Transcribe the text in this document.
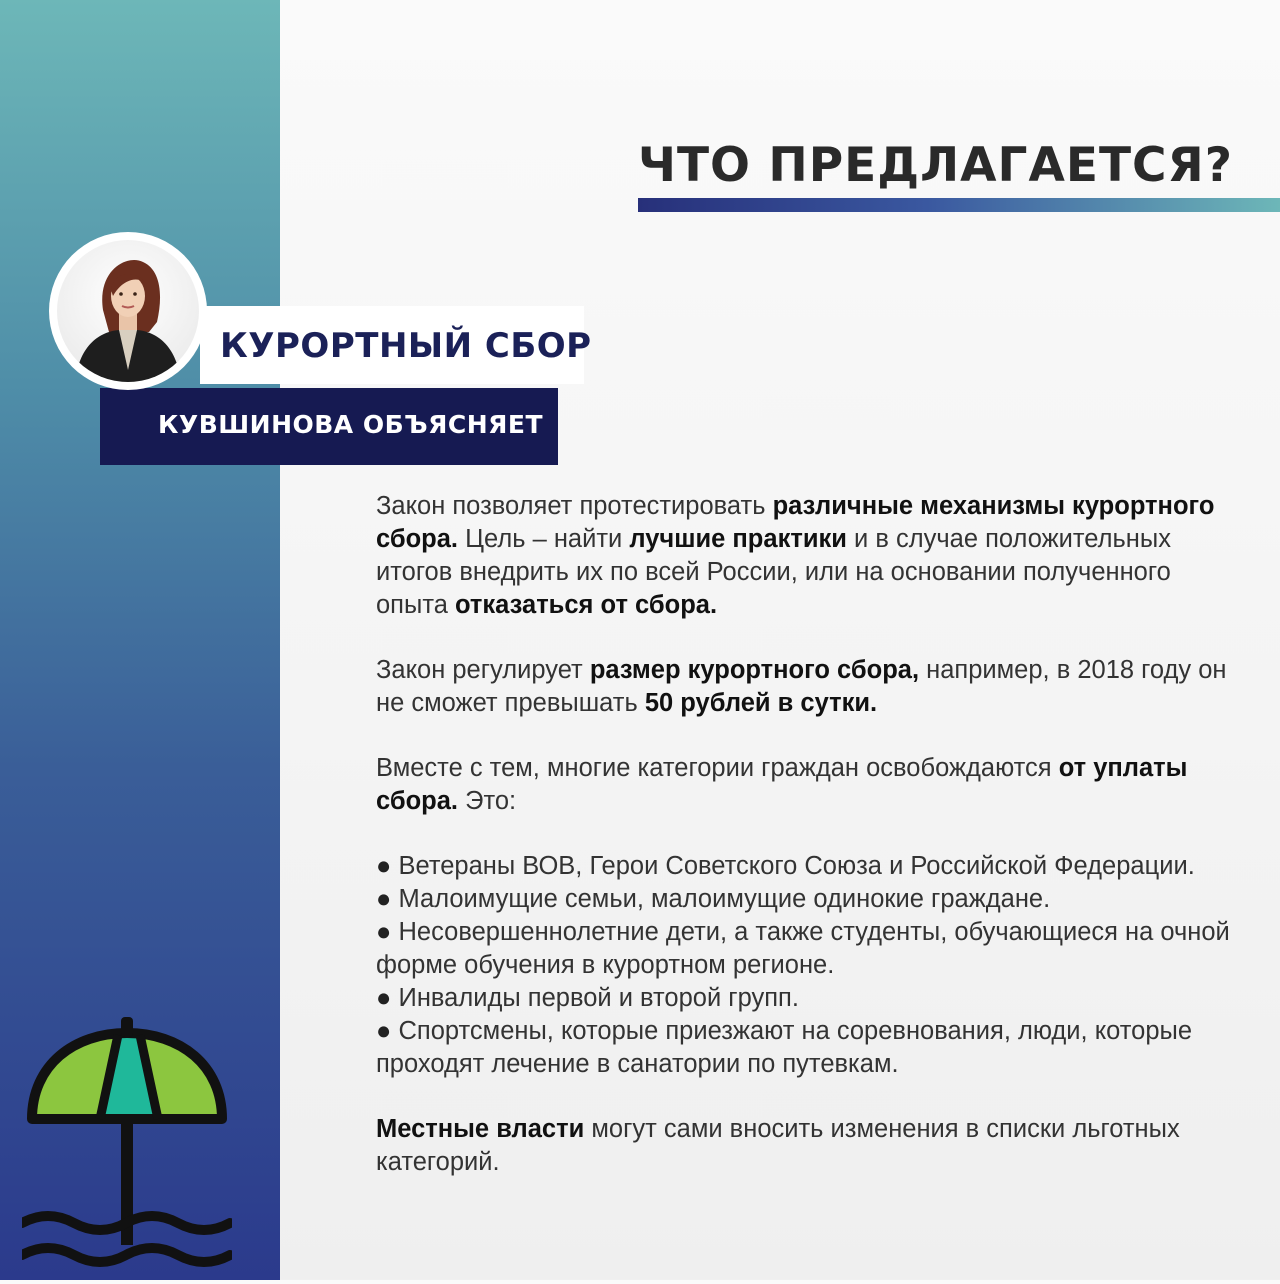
ЧТО ПРЕДЛАГАЕТСЯ?
КУРОРТНЫЙ СБОР
КУВШИНОВА ОБЪЯСНЯЕТ

Закон позволяет протестировать различные механизмы курортного сбора. Цель – найти лучшие практики и в случае положительных итогов внедрить их по всей России, или на основании полученного опыта отказаться от сбора.

Закон регулирует размер курортного сбора, например, в 2018 году он не сможет превышать 50 рублей в сутки.

Вместе с тем, многие категории граждан освобождаются от уплаты сбора. Это:

● Ветераны ВОВ, Герои Советского Союза и Российской Федерации.
● Малоимущие семьи, малоимущие одинокие граждане.
● Несовершеннолетние дети, а также студенты, обучающиеся на очной форме обучения в курортном регионе.
● Инвалиды первой и второй групп.
● Спортсмены, которые приезжают на соревнования, люди, которые проходят лечение в санатории по путевкам.

Местные власти могут сами вносить изменения в списки льготных категорий.
